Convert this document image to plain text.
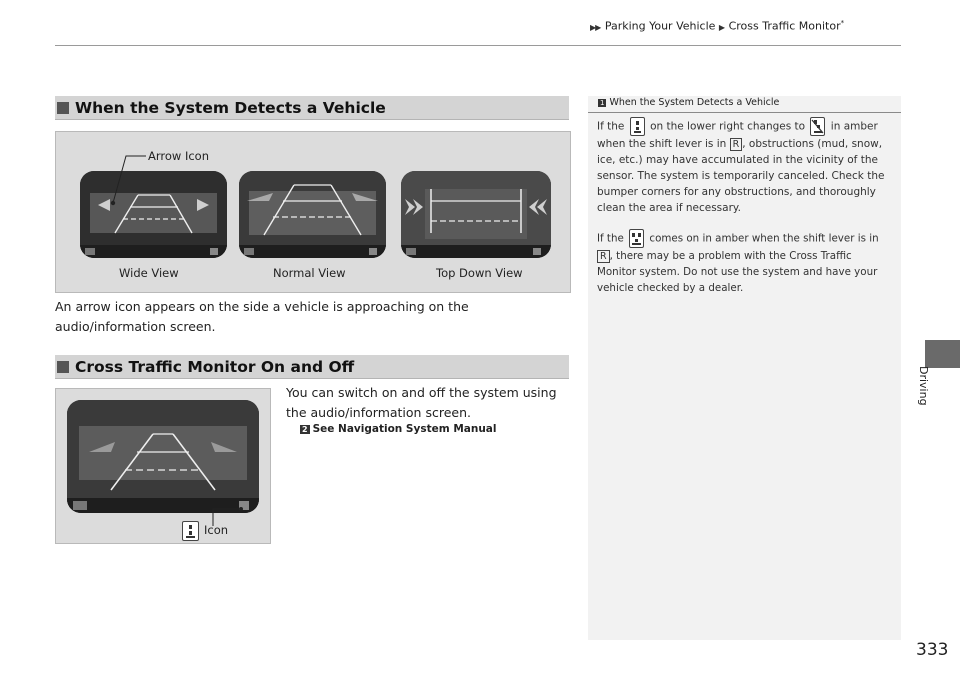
▶▶ Parking Your Vehicle ▶ Cross Traffic Monitor*
When the System Detects a Vehicle
Arrow Icon
Wide View	Normal View	Top Down View
An arrow icon appears on the side a vehicle is approaching on the audio/information screen.
Cross Traffic Monitor On and Off
Icon
You can switch on and off the system using the audio/information screen.
2 See Navigation System Manual
1 When the System Detects a Vehicle
If the on the lower right changes to in amber when the shift lever is in R , obstructions (mud, snow, ice, etc.) may have accumulated in the vicinity of the sensor. The system is temporarily canceled. Check the bumper corners for any obstructions, and thoroughly clean the area if necessary.
If the comes on in amber when the shift lever is in R , there may be a problem with the Cross Traffic Monitor system. Do not use the system and have your vehicle checked by a dealer.
Driving
333
